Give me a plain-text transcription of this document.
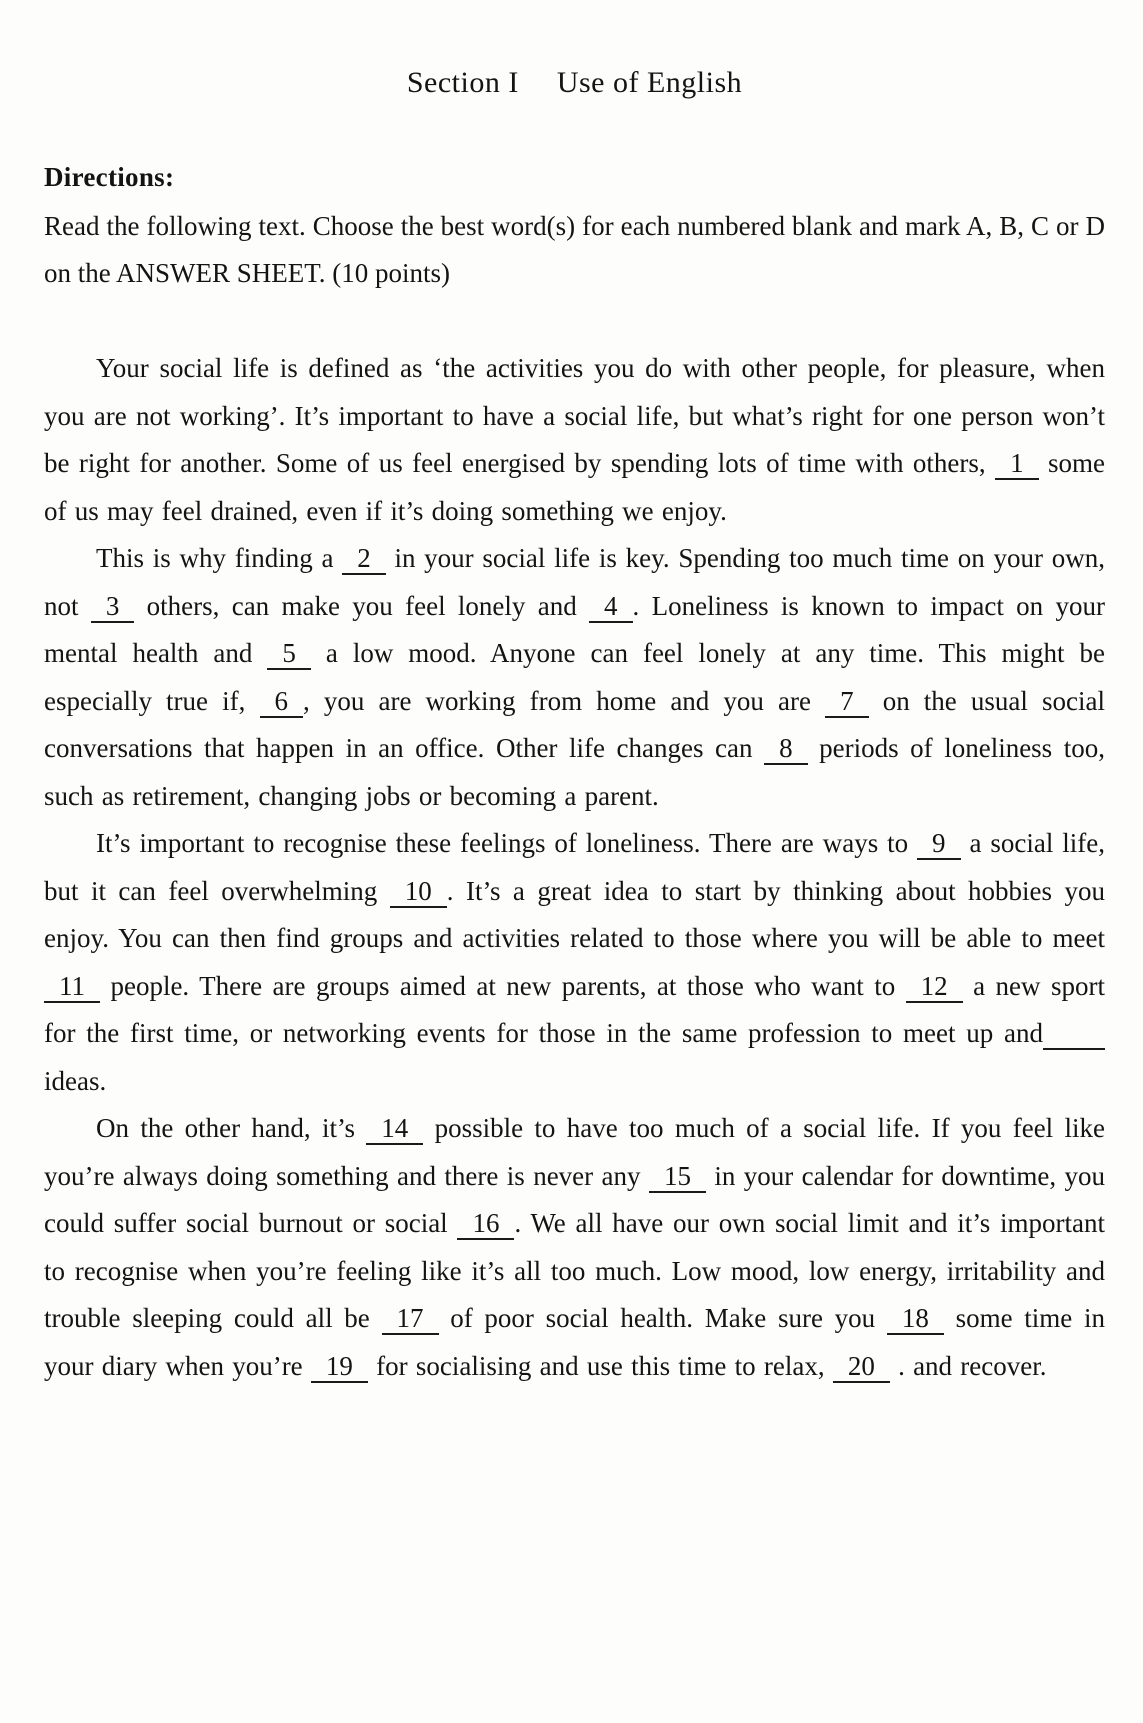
Section I Use of English
Directions:

Read the following text. Choose the best word(s) for each numbered blank and mark A, B, C or D on the ANSWER SHEET. (10 points)

Your social life is defined as ‘the activities you do with other people, for pleasure, when you are not working’. It’s important to have a social life, but what’s right for one person won’t be right for another. Some of us feel energised by spending lots of time with others, 1 some of us may feel drained, even if it’s doing something we enjoy.

This is why finding a 2 in your social life is key. Spending too much time on your own, not 3 others, can make you feel lonely and 4 . Loneliness is known to impact on your mental health and 5 a low mood. Anyone can feel lonely at any time. This might be especially true if, 6 , you are working from home and you are 7 on the usual social conversations that happen in an office. Other life changes can 8 periods of loneliness too, such as retirement, changing jobs or becoming a parent.

It’s important to recognise these feelings of loneliness. There are ways to 9 a social life, but it can feel overwhelming 10 . It’s a great idea to start by thinking about hobbies you enjoy. You can then find groups and activities related to those where you will be able to meet 11 people. There are groups aimed at new parents, at those who want to 12 a new sport for the first time, or networking events for those in the same profession to meet up and ideas.

On the other hand, it’s 14 possible to have too much of a social life. If you feel like you’re always doing something and there is never any 15 in your calendar for downtime, you could suffer social burnout or social 16 . We all have our own social limit and it’s important to recognise when you’re feeling like it’s all too much. Low mood, low energy, irritability and trouble sleeping could all be 17 of poor social health. Make sure you 18 some time in your diary when you’re 19 for socialising and use this time to relax, 20 . and recover.
